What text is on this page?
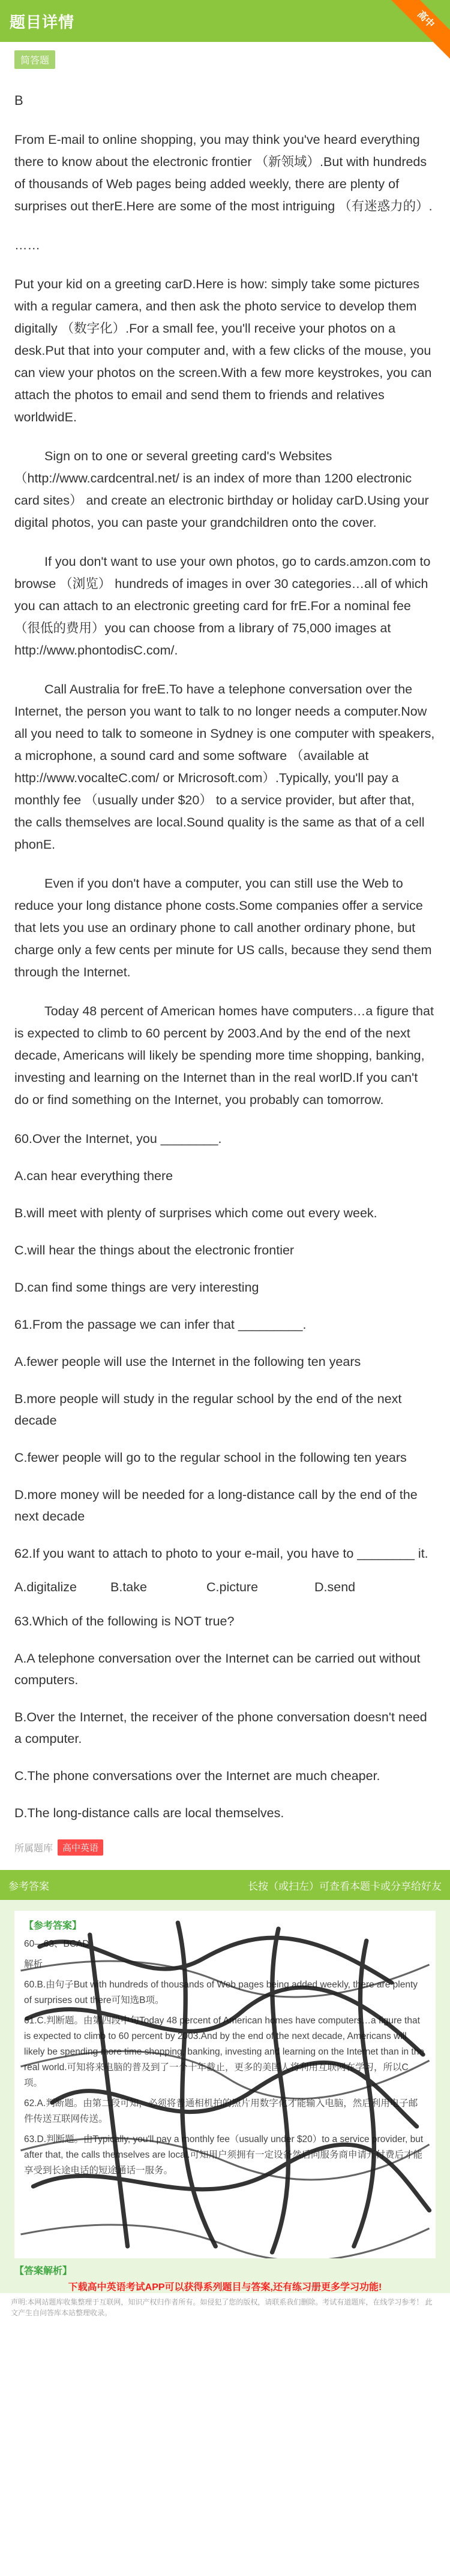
题目详情	高中
简答题
B

From E-mail to online shopping, you may think you've heard everything there to know about the electronic frontier （新领域）.But with hundreds of thousands of Web pages being added weekly, there are plenty of surprises out therE.Here are some of the most intriguing （有迷惑力的）.

……

Put your kid on a greeting carD.Here is how: simply take some pictures with a regular camera, and then ask the photo service to develop them digitally （数字化）.For a small fee, you'll receive your photos on a desk.Put that into your computer and, with a few clicks of the mouse, you can view your photos on the screen.With a few more keystrokes, you can attach the photos to email and send them to friends and relatives worldwidE.

Sign on to one or several greeting card's Websites （http://www.cardcentral.net/ is an index of more than 1200 electronic card sites） and create an electronic birthday or holiday carD.Using your digital photos, you can paste your grandchildren onto the cover.

If you don't want to use your own photos, go to cards.amzon.com to browse （浏览） hundreds of images in over 30 categories…all of which you can attach to an electronic greeting card for frE.For a nominal fee（很低的费用）you can choose from a library of 75,000 images at http://www.phontodisC.com/.

Call Australia for freE.To have a telephone conversation over the Internet, the person you want to talk to no longer needs a computer.Now all you need to talk to someone in Sydney is one computer with speakers, a microphone, a sound card and some software （available at http://www.vocalteC.com/ or Mricrosoft.com）.Typically, you'll pay a monthly fee （usually under $20） to a service provider, but after that, the calls themselves are local.Sound quality is the same as that of a cell phonE.

Even if you don't have a computer, you can still use the Web to reduce your long distance phone costs.Some companies offer a service that lets you use an ordinary phone to call another ordinary phone, but charge only a few cents per minute for US calls, because they send them through the Internet.

Today 48 percent of American homes have computers…a figure that is expected to climb to 60 percent by 2003.And by the end of the next decade, Americans will likely be spending more time shopping, banking, investing and learning on the Internet than in the real worlD.If you can't do or find something on the Internet, you probably can tomorrow.

60.Over the Internet, you ________.
A.can hear everything there
B.will meet with plenty of surprises which come out every week.
C.will hear the things about the electronic frontier
D.can find some things are very interesting
61.From the passage we can infer that _________.
A.fewer people will use the Internet in the following ten years
B.more people will study in the regular school by the end of the next decade
C.fewer people will go to the regular school in the following ten years
D.more money will be needed for a long-distance call by the end of the next decade
62.If you want to attach to photo to your e-mail, you have to ________ it.
A.digitalize	B.take	C.picture	D.send
63.Which of the following is NOT true?
A.A telephone conversation over the Internet can be carried out without computers.
B.Over the Internet, the receiver of the phone conversation doesn't need a computer.
C.The phone conversations over the Internet are much cheaper.
D.The long-distance calls are local themselves.
所属题库	高中英语
参考答案	长按（或扫左）可查看本题卡或分享给好友
【参考答案】
60—63、BCAD
解析
60.B.由句子But with hundreds of thousands of Web pages being added weekly, there are plenty of surprises out there可知选B项。
61.C.判断题。由第四段中句Today 48 percent of American homes have computers…a figure that is expected to climb to 60 percent by 2003.And by the end of the next decade, Americans will likely be spending more time shopping, banking, investing and learning on the Internet than in the real world.可知将来电脑的普及到了一个十年截止，更多的美国人将利用互联网在学习，所以C项。
62.A.判断题。由第二段可知，必须将普通相机拍的照片用数字化才能输入电脑，然后利用电子邮件传送互联网传送。
63.D.判断题。由Typically, you'll pay a monthly fee（usually under $20）to a service provider, but after that, the calls themselves are local.可知用户须拥有一定设备然后向服务商申请开付费后才能享受到长途电话的短途通话一服务。
【答案解析】
下载高中英语考试APP可以获得系列题目与答案,还有练习册更多学习功能!
声明:本网站题库收集整理于互联网，知识产权归作者所有。如侵犯了您的版权，请联系我们删除。考试有道题库，在线学习参考！ 此文产生自问答库本站整理收录。
